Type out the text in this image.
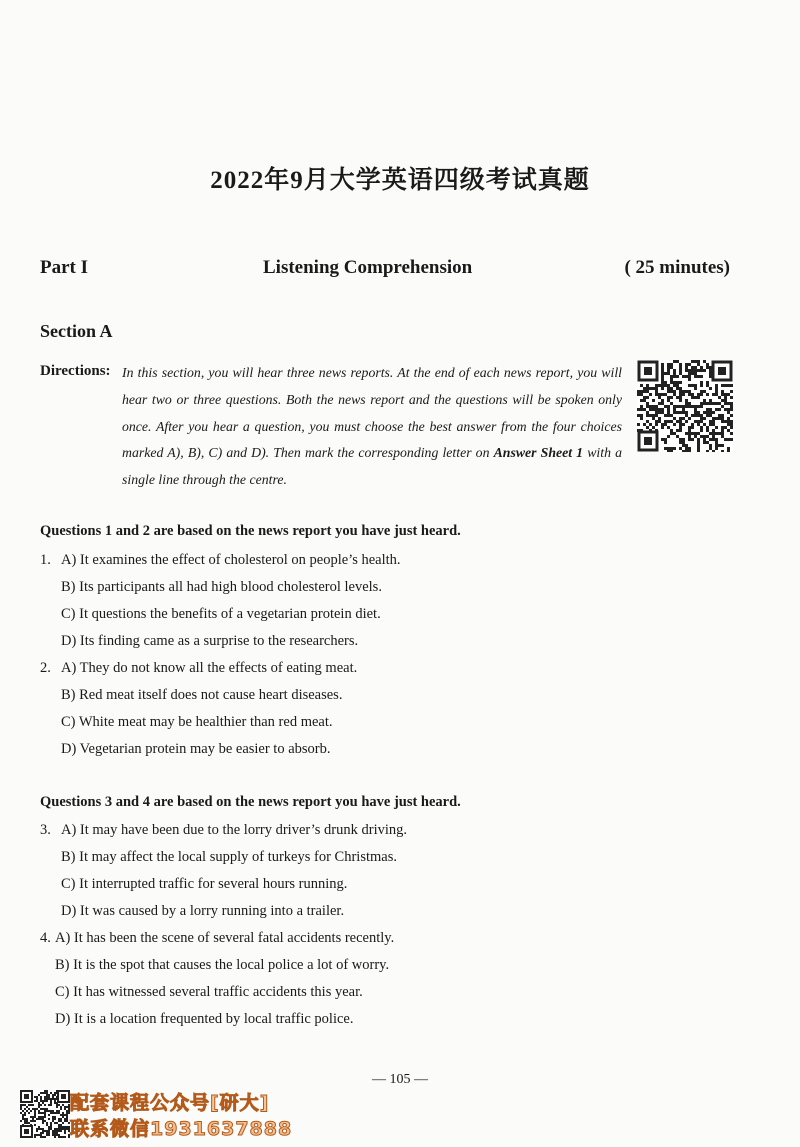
2022年9月大学英语四级考试真题
Part I	Listening Comprehension	( 25 minutes)
Section A
Directions: In this section, you will hear three news reports. At the end of each news report, you will hear two or three questions. Both the news report and the questions will be spoken only once. After you hear a question, you must choose the best answer from the four choices marked A), B), C) and D). Then mark the corresponding letter on Answer Sheet 1 with a single line through the centre.
Questions 1 and 2 are based on the news report you have just heard.
1. A) It examines the effect of cholesterol on people’s health.
B) Its participants all had high blood cholesterol levels.
C) It questions the benefits of a vegetarian protein diet.
D) Its finding came as a surprise to the researchers.
2. A) They do not know all the effects of eating meat.
B) Red meat itself does not cause heart diseases.
C) White meat may be healthier than red meat.
D) Vegetarian protein may be easier to absorb.
Questions 3 and 4 are based on the news report you have just heard.
3. A) It may have been due to the lorry driver’s drunk driving.
B) It may affect the local supply of turkeys for Christmas.
C) It interrupted traffic for several hours running.
D) It was caused by a lorry running into a trailer.
4. A) It has been the scene of several fatal accidents recently.
B) It is the spot that causes the local police a lot of worry.
C) It has witnessed several traffic accidents this year.
D) It is a location frequented by local traffic police.
— 105 —
配套课程公众号[研大]
联系微信1931637888
